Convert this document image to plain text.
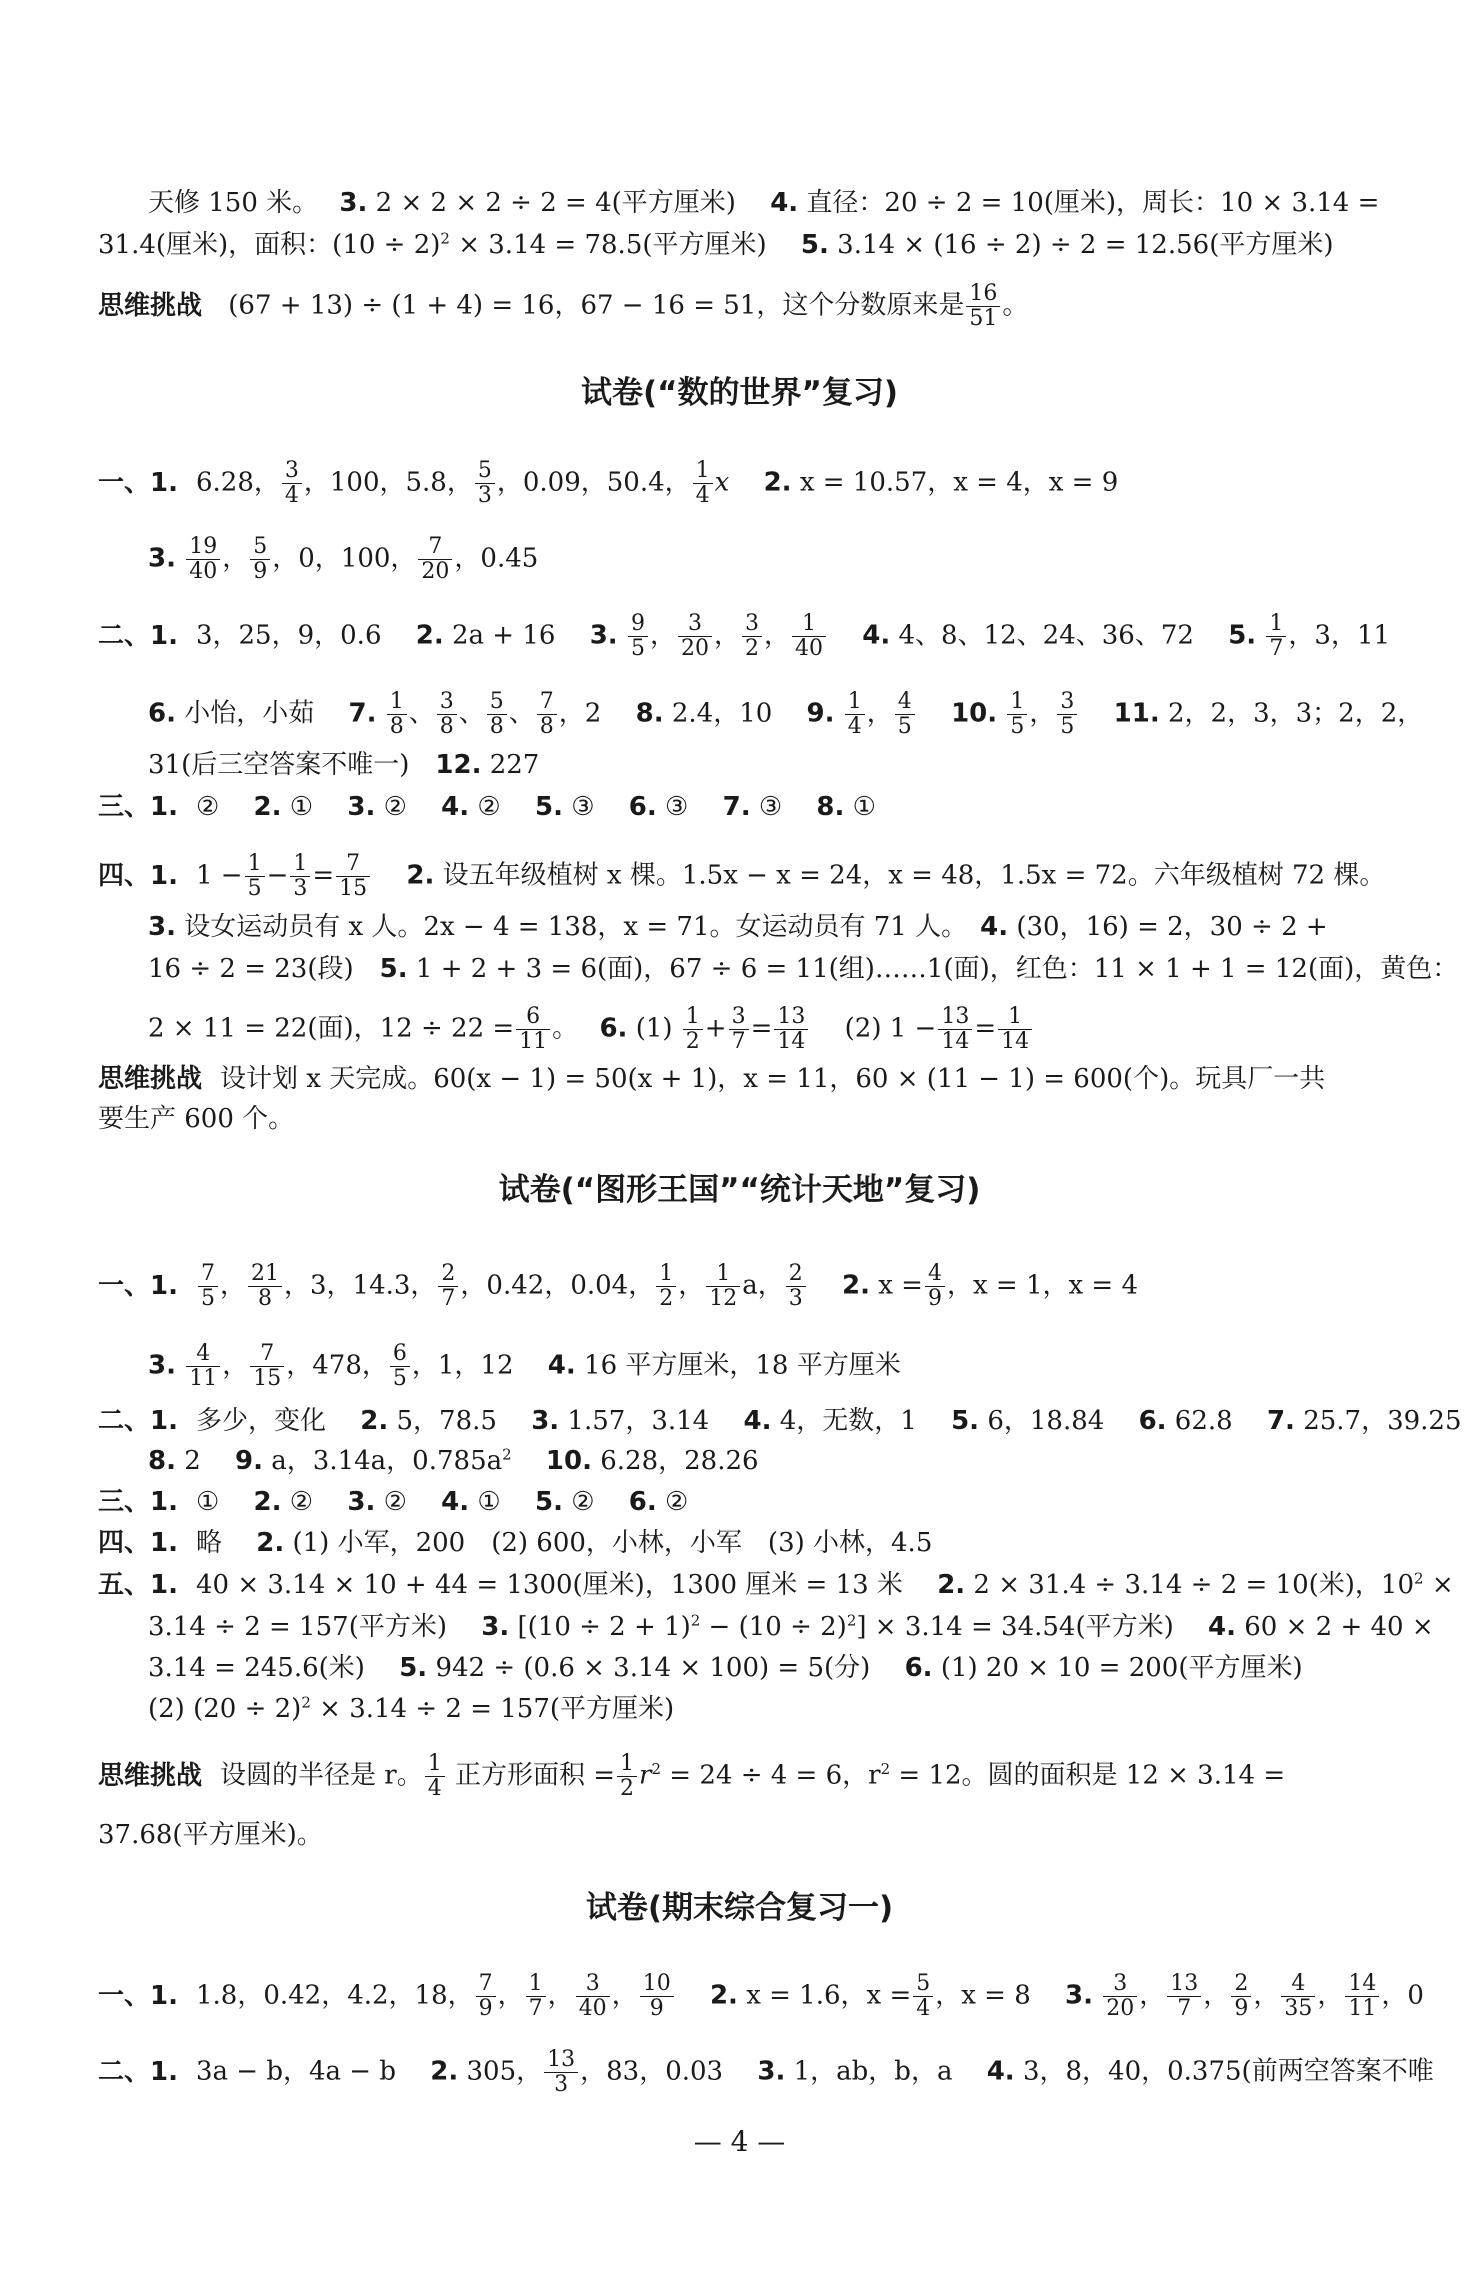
天修 150 米。　 3. 2 × 2 × 2 ÷ 2 = 4(平方厘米)　 4. 直径：20 ÷ 2 = 10(厘米)，周长：10 × 3.14 =
31.4(厘米)，面积：$(10 \div 2)^2 \times 3.14 = 78.5$(平方厘米)　 5. 3.14 × (16 ÷ 2) ÷ 2 = 12.56(平方厘米)
思维挑战 (67 + 13) ÷ (1 + 4) = 16，67 − 16 = 51，这个分数原来是 $\frac{16}{51}$ 。
试卷(“数的世界”复习)
一、1. 6.28， $\frac{3}{4}$ ，100，5.8， $\frac{5}{3}$ ，0.09，50.4， $\frac{1}{4}$ x　 2. x = 10.57，x = 4，x = 9
3. $\frac{19}{40}$ ， $\frac{5}{9}$ ，0，100， $\frac{7}{20}$ ，0.45
二、1. 3，25，9，0.6　 2. 2a + 16　 3. $\frac{9}{5}$ ， $\frac{3}{20}$ ， $\frac{3}{2}$ ， $\frac{1}{40}$
　 4. 4、8、12、24、36、72　 5. $\frac{1}{7}$ ，3，11
6. 小怡，小茹　 7. $\frac{1}{8}$ 、 $\frac{3}{8}$ 、 $\frac{5}{8}$ 、 $\frac{7}{8}$ ，2　 8. 2.4，10　 9. $\frac{1}{4}$ ， $\frac{4}{5}$
　 10. $\frac{1}{5}$ ， $\frac{3}{5}$
　 11. 2，2，3，3；2，2，
31(后三空答案不唯一)　 12. 227
三、1. ②　 2. ①　 3. ②　 4. ②　 5. ③　 6. ③　 7. ③　 8. ①
四、1. $1 - \frac{1}{5} - \frac{1}{3} = \frac{7}{15}$
　 2. 设五年级植树 x 棵。1.5x − x = 24，x = 48，1.5x = 72。六年级植树 72 棵。
3. 设女运动员有 x 人。2x − 4 = 138，x = 71。女运动员有 71 人。　 4. (30，16) = 2，30 ÷ 2 +
16 ÷ 2 = 23(段)　 5. 1 + 2 + 3 = 6(面)，67 ÷ 6 = 11(组)……1(面)，红色：11 × 1 + 1 = 12(面)，黄色：
2 × 11 = 22(面)，$12 \div 22 = \frac{6}{11}$ 。　 6. $(1) \frac{1}{2} + \frac{3}{7} = \frac{13}{14}$
　 (2) $1 - \frac{13}{14} = \frac{1}{14}$
思维挑战 设计划 x 天完成。60(x − 1) = 50(x + 1)，x = 11，60 × (11 − 1) = 600(个)。玩具厂一共
要生产 600 个。
试卷(“图形王国”“统计天地”复习)
一、1. $\frac{7}{5}$ ， $\frac{21}{8}$ ，3，14.3， $\frac{2}{7}$ ，0.42，0.04， $\frac{1}{2}$ ， $\frac{1}{12}$ a， $\frac{2}{3}$
　 2. $x = \frac{4}{9}$ ，x = 1，x = 4
3. $\frac{4}{11}$ ， $\frac{7}{15}$ ，478， $\frac{6}{5}$ ，1，12　 4. 16 平方厘米，18 平方厘米
二、1. 多少，变化　 2. 5，78.5　 3. 1.57，3.14　 4. 4，无数，1　 5. 6，18.84　 6. 62.8　 7. 25.7，39.25
8. 2　 9. a，3.14a，$0.785a^2$　 10. 6.28，28.26
三、1. ①　 2. ②　 3. ②　 4. ①　 5. ②　 6. ②
四、1. 略　 2. (1) 小军，200　(2) 600，小林，小军　(3) 小林，4.5
五、1. 40 × 3.14 × 10 + 44 = 1300(厘米)，1300 厘米 = 13 米　 2. 2 × 31.4 ÷ 3.14 ÷ 2 = 10(米)，$10^2$ ×
3.14 ÷ 2 = 157(平方米)　 3. $[(10 \div 2 + 1)^2 - (10 \div 2)^2] \times 3.14 = 34.54$(平方米)　 4. 60 × 2 + 40 ×
3.14 = 245.6(米)　 5. 942 ÷ (0.6 × 3.14 × 100) = 5(分)　 6. (1) 20 × 10 = 200(平方厘米)
(2) $(20 \div 2)^2 \times 3.14 \div 2 = 157$(平方厘米)
思维挑战 设圆的半径是 r。 $\frac{1}{4}$ 正方形面积 = $\frac{1}{2} r^2 = 24 \div 4 = 6$，$r^2 = 12$。圆的面积是 12 × 3.14 =
37.68(平方厘米)。
试卷(期末综合复习一)
一、1. 1.8，0.42，4.2，18， $\frac{7}{9}$ ， $\frac{1}{7}$ ， $\frac{3}{40}$ ， $\frac{10}{9}$
　 2. x = 1.6，$x = \frac{5}{4}$ ，x = 8　 3. $\frac{3}{20}$ ， $\frac{13}{7}$ ， $\frac{2}{9}$ ， $\frac{4}{35}$ ， $\frac{14}{11}$ ，0
二、1. 3a − b，4a − b　 2. 305， $\frac{13}{3}$ ，83，0.03　 3. 1，ab，b，a　 4. 3，8，40，0.375(前两空答案不唯
— 4 —
